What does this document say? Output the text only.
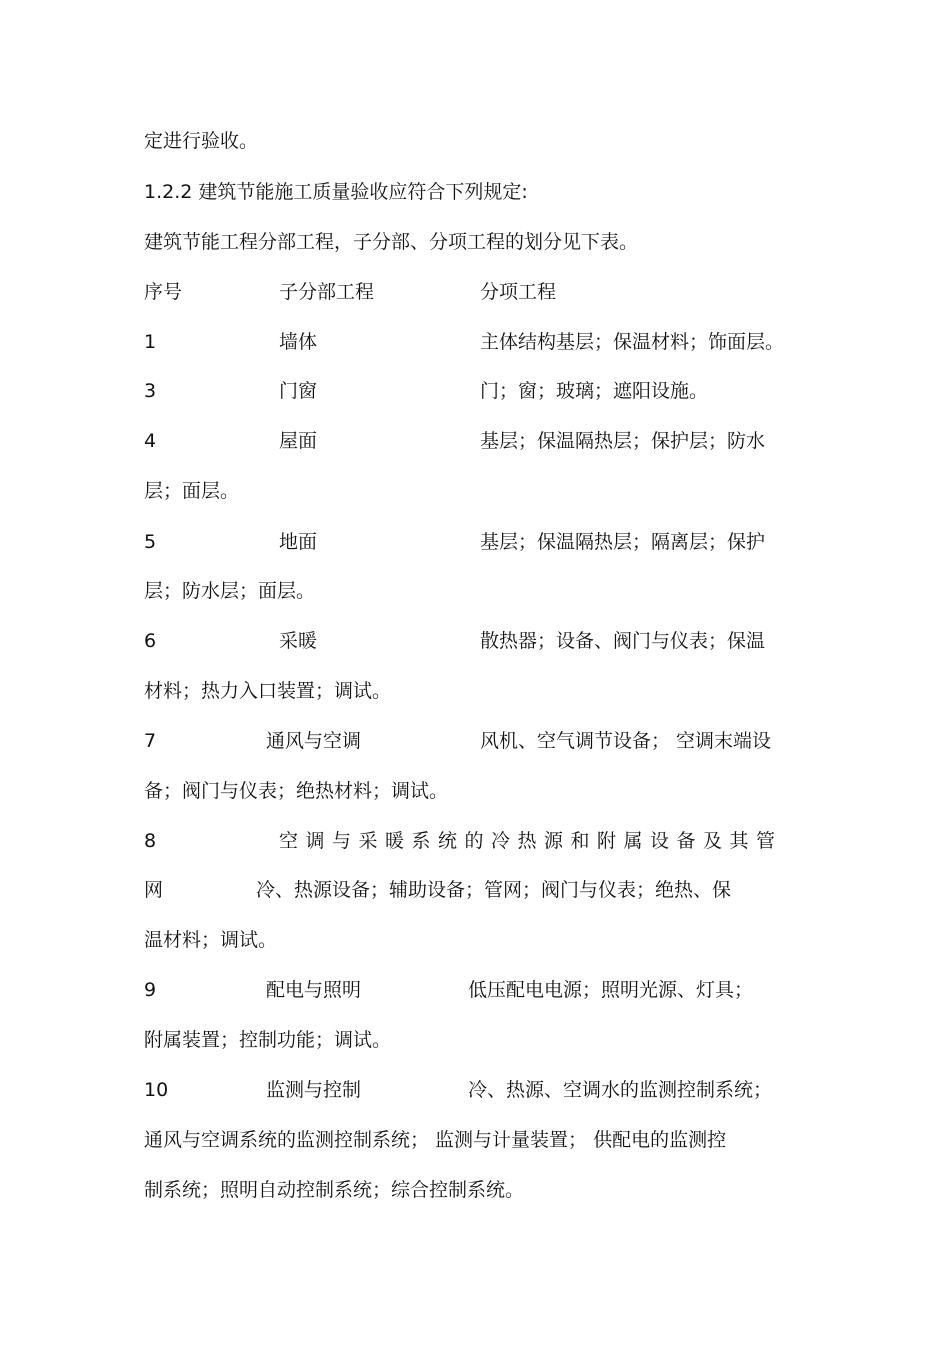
定进行验收。
1.2.2 建筑节能施工质量验收应符合下列规定:
建筑节能工程分部工程，子分部、分项工程的划分见下表。
序号	子分部工程	分项工程
1	墙体	主体结构基层；保温材料；饰面层。
3	门窗	门；窗；玻璃；遮阳设施。
4	屋面	基层；保温隔热层；保护层；防水
层；面层。
5	地面	基层；保温隔热层；隔离层；保护
层；防水层；面层。
6	采暖	散热器；设备、阀门与仪表；保温
材料；热力入口装置；调试。
7	通风与空调	风机、空气调节设备； 空调末端设
备；阀门与仪表；绝热材料；调试。
8	空调与采暖系统的冷热源和附属设备及其管
网	冷、热源设备；辅助设备；管网；阀门与仪表；绝热、保
温材料；调试。
9	配电与照明	低压配电电源；照明光源、灯具；
附属装置；控制功能；调试。
10	监测与控制	冷、热源、空调水的监测控制系统；
通风与空调系统的监测控制系统； 监测与计量装置； 供配电的监测控
制系统；照明自动控制系统；综合控制系统。
